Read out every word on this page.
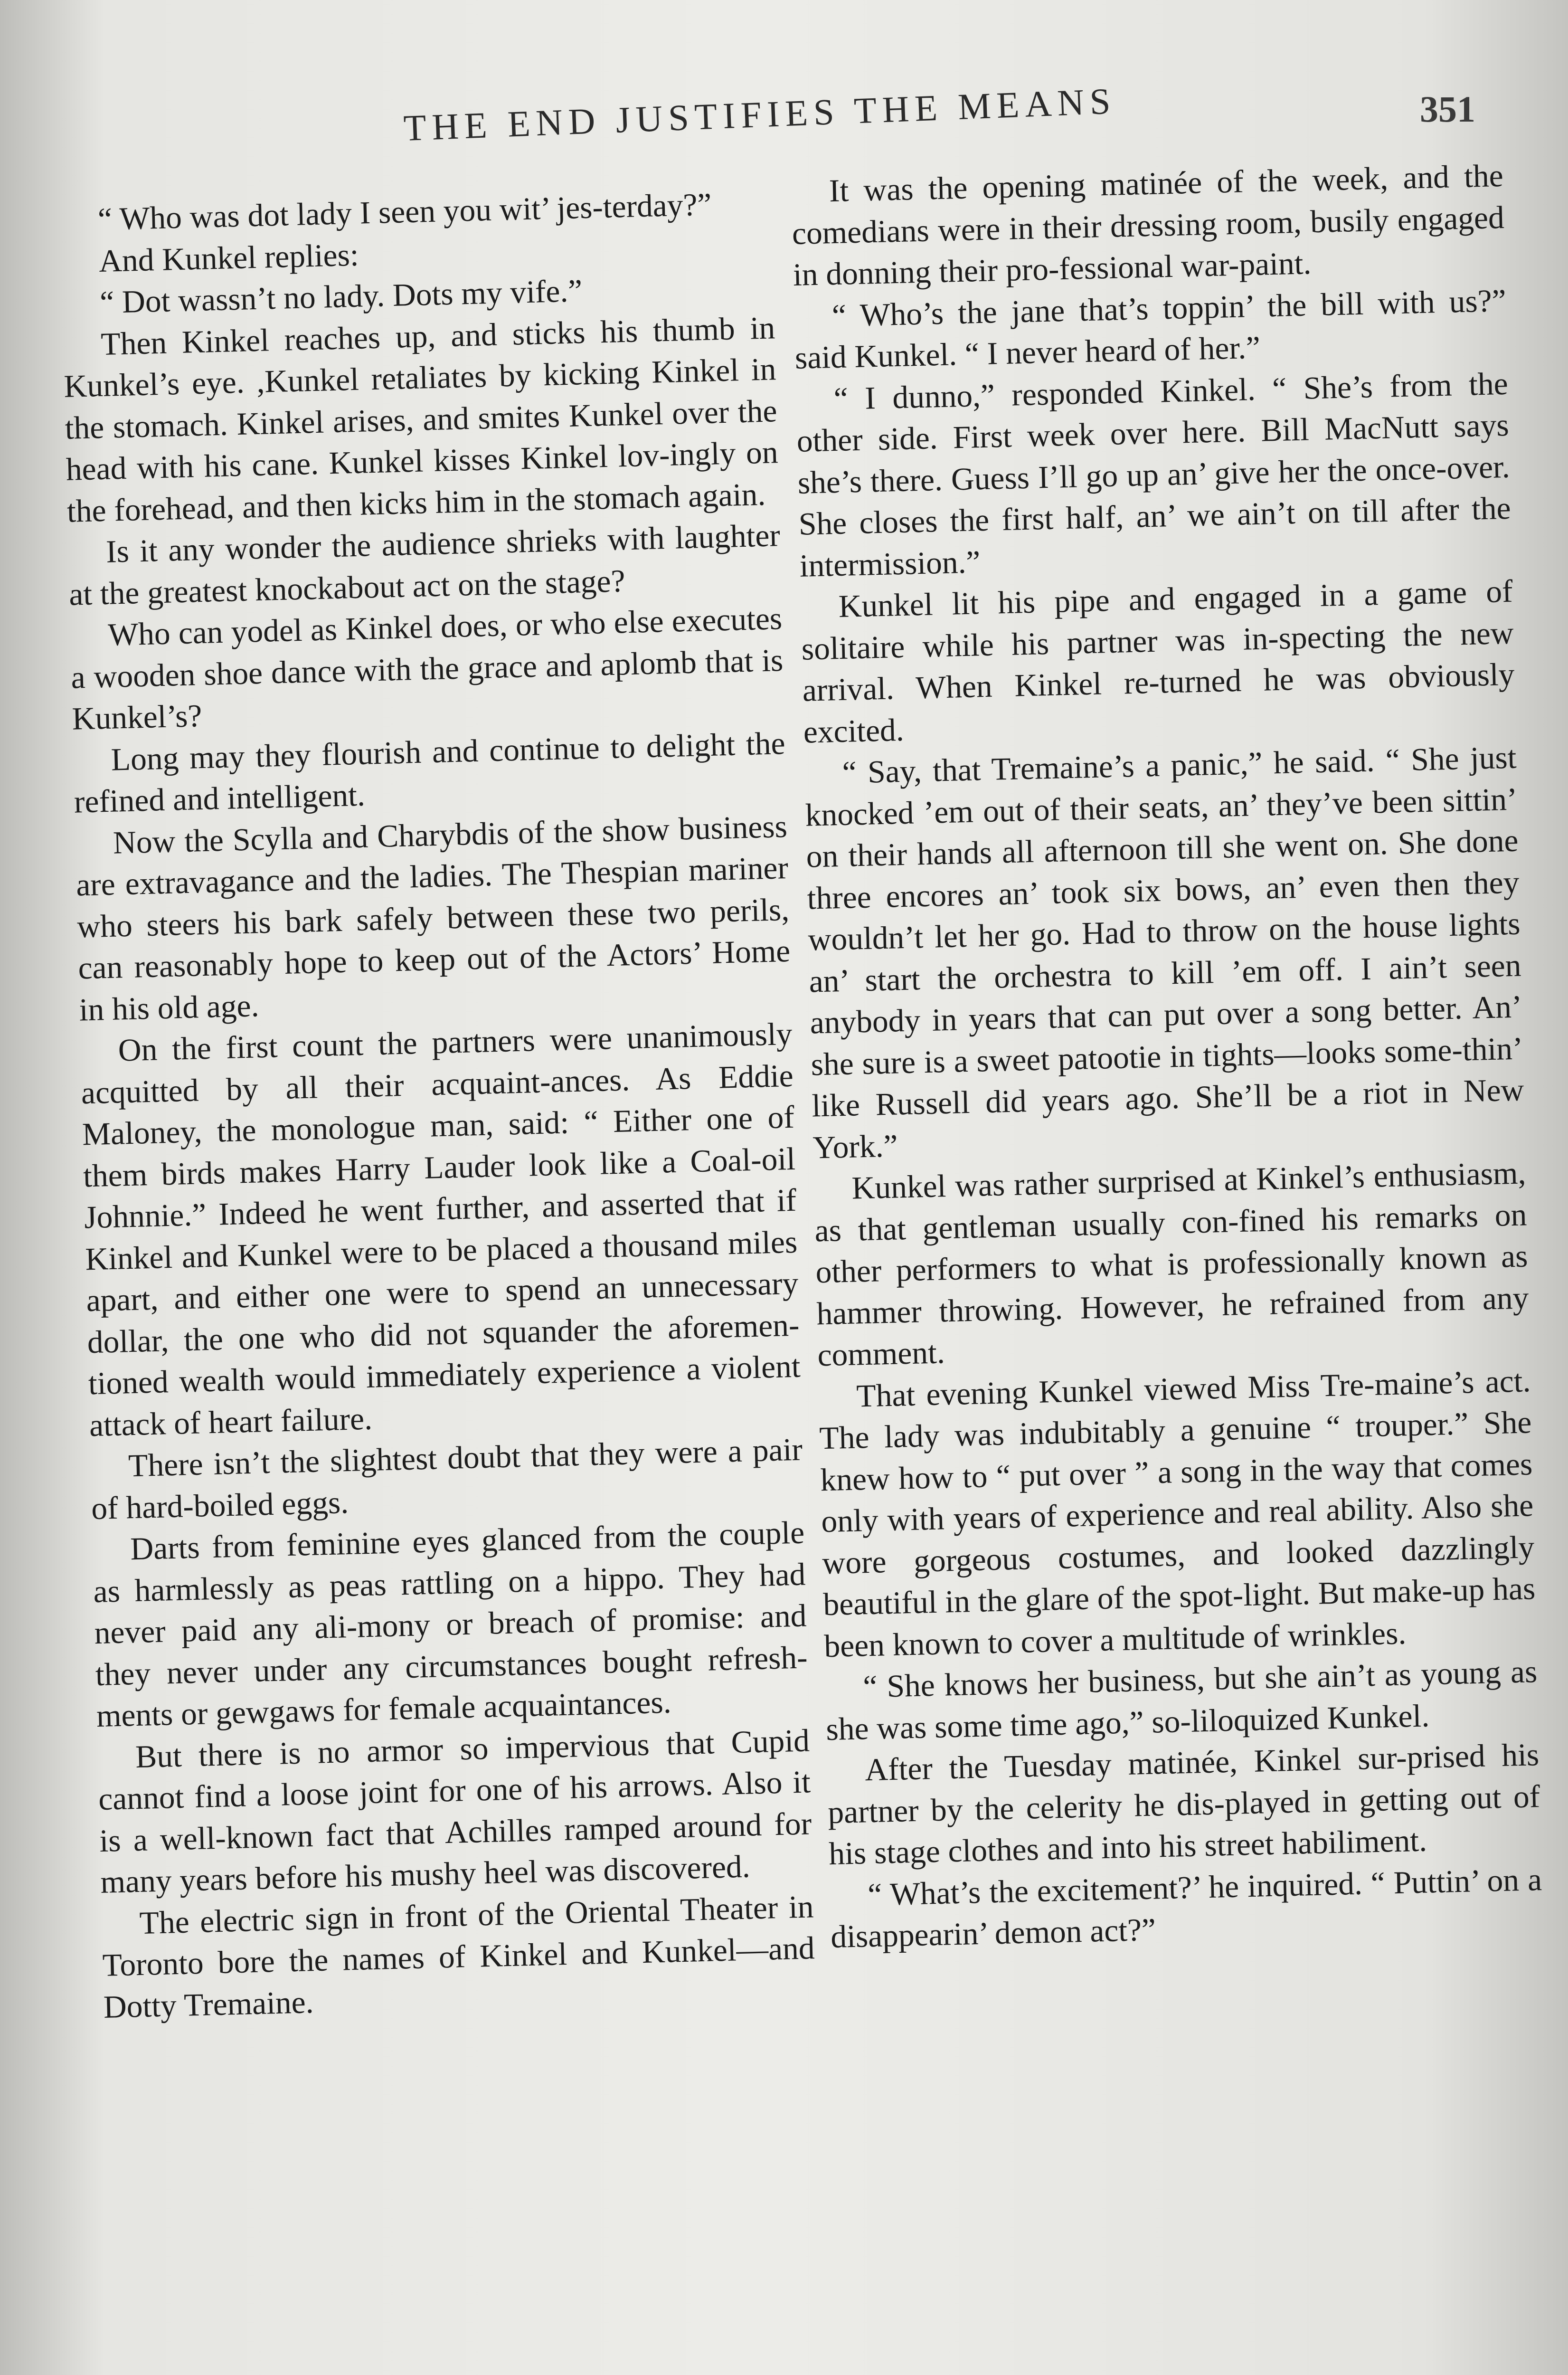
THE END JUSTIFIES THE MEANS	351

“ Who was dot lady I seen you wit’ jes-terday?”

And Kunkel replies:

“ Dot wassn’t no lady. Dots my vife.”

Then Kinkel reaches up, and sticks his thumb in Kunkel’s eye. ,Kunkel retaliates by kicking Kinkel in the stomach. Kinkel arises, and smites Kunkel over the head with his cane. Kunkel kisses Kinkel lov-ingly on the forehead, and then kicks him in the stomach again.

Is it any wonder the audience shrieks with laughter at the greatest knockabout act on the stage?

Who can yodel as Kinkel does, or who else executes a wooden shoe dance with the grace and aplomb that is Kunkel’s?

Long may they flourish and continue to delight the refined and intelligent.

Now the Scylla and Charybdis of the show business are extravagance and the ladies. The Thespian mariner who steers his bark safely between these two perils, can reasonably hope to keep out of the Actors’ Home in his old age.

On the first count the partners were unanimously acquitted by all their acquaint-ances. As Eddie Maloney, the monologue man, said: “ Either one of them birds makes Harry Lauder look like a Coal-oil Johnnie.” Indeed he went further, and asserted that if Kinkel and Kunkel were to be placed a thousand miles apart, and either one were to spend an unnecessary dollar, the one who did not squander the aforemen-tioned wealth would immediately experience a violent attack of heart failure.

There isn’t the slightest doubt that they were a pair of hard-boiled eggs.

Darts from feminine eyes glanced from the couple as harmlessly as peas rattling on a hippo. They had never paid any ali-mony or breach of promise: and they never under any circumstances bought refresh-ments or gewgaws for female acquaintances.

But there is no armor so impervious that Cupid cannot find a loose joint for one of his arrows. Also it is a well-known fact that Achilles ramped around for many years before his mushy heel was discovered.

The electric sign in front of the Oriental Theater in Toronto bore the names of Kinkel and Kunkel—and Dotty Tremaine.

It was the opening matinée of the week, and the comedians were in their dressing room, busily engaged in donning their pro-fessional war-paint.

“ Who’s the jane that’s toppin’ the bill with us?” said Kunkel. “ I never heard of her.”

“ I dunno,” responded Kinkel. “ She’s from the other side. First week over here. Bill MacNutt says she’s there. Guess I’ll go up an’ give her the once-over. She closes the first half, an’ we ain’t on till after the intermission.”

Kunkel lit his pipe and engaged in a game of solitaire while his partner was in-specting the new arrival. When Kinkel re-turned he was obviously excited.

“ Say, that Tremaine’s a panic,” he said. “ She just knocked ’em out of their seats, an’ they’ve been sittin’ on their hands all afternoon till she went on. She done three encores an’ took six bows, an’ even then they wouldn’t let her go. Had to throw on the house lights an’ start the orchestra to kill ’em off. I ain’t seen anybody in years that can put over a song better. An’ she sure is a sweet patootie in tights—looks some-thin’ like Russell did years ago. She’ll be a riot in New York.”

Kunkel was rather surprised at Kinkel’s enthusiasm, as that gentleman usually con-fined his remarks on other performers to what is professionally known as hammer throwing. However, he refrained from any comment.

That evening Kunkel viewed Miss Tre-maine’s act. The lady was indubitably a genuine “ trouper.” She knew how to “ put over ” a song in the way that comes only with years of experience and real ability. Also she wore gorgeous costumes, and looked dazzlingly beautiful in the glare of the spot-light. But make-up has been known to cover a multitude of wrinkles.

“ She knows her business, but she ain’t as young as she was some time ago,” so-liloquized Kunkel.

After the Tuesday matinée, Kinkel sur-prised his partner by the celerity he dis-played in getting out of his stage clothes and into his street habiliment.

“ What’s the excitement?’ he inquired. “ Puttin’ on a disappearin’ demon act?”
